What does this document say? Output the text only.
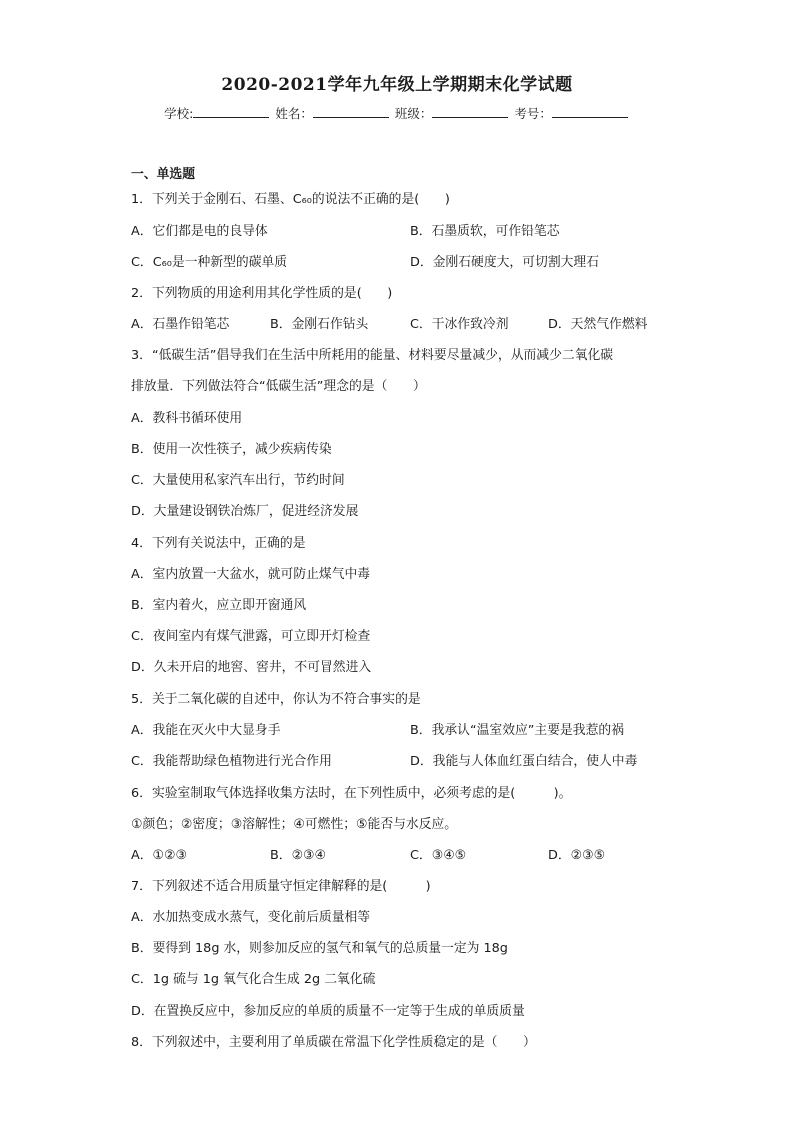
2020-2021学年九年级上学期期末化学试题
学校:	姓名：	班级：	考号：
一、单选题
1．下列关于金刚石、石墨、C₆₀的说法不正确的是(　　)
A．它们都是电的良导体	B．石墨质软，可作铅笔芯
C．C₆₀是一种新型的碳单质	D．金刚石硬度大，可切割大理石
2．下列物质的用途利用其化学性质的是(　　)
A．石墨作铅笔芯	B．金刚石作钻头	C．干冰作致冷剂	D．天然气作燃料
3．“低碳生活”倡导我们在生活中所耗用的能量、材料要尽量减少，从而减少二氧化碳
排放量．下列做法符合“低碳生活”理念的是（　　）
A．教科书循环使用
B．使用一次性筷子，减少疾病传染
C．大量使用私家汽车出行，节约时间
D．大量建设钢铁冶炼厂，促进经济发展
4．下列有关说法中，正确的是
A．室内放置一大盆水，就可防止煤气中毒
B．室内着火，应立即开窗通风
C．夜间室内有煤气泄露，可立即开灯检查
D．久未开启的地窖、窖井，不可冒然进入
5．关于二氧化碳的自述中，你认为不符合事实的是
A．我能在灭火中大显身手	B．我承认“温室效应”主要是我惹的祸
C．我能帮助绿色植物进行光合作用	D．我能与人体血红蛋白结合，使人中毒
6．实验室制取气体选择收集方法时，在下列性质中，必须考虑的是(　　　)。
①颜色；②密度；③溶解性；④可燃性；⑤能否与水反应。
A．①②③	B．②③④	C．③④⑤	D．②③⑤
7．下列叙述不适合用质量守恒定律解释的是(　　　)
A．水加热变成水蒸气，变化前后质量相等
B．要得到 18g 水，则参加反应的氢气和氧气的总质量一定为 18g
C．1g 硫与 1g 氧气化合生成 2g 二氧化硫
D．在置换反应中，参加反应的单质的质量不一定等于生成的单质质量
8．下列叙述中，主要利用了单质碳在常温下化学性质稳定的是（　　）
